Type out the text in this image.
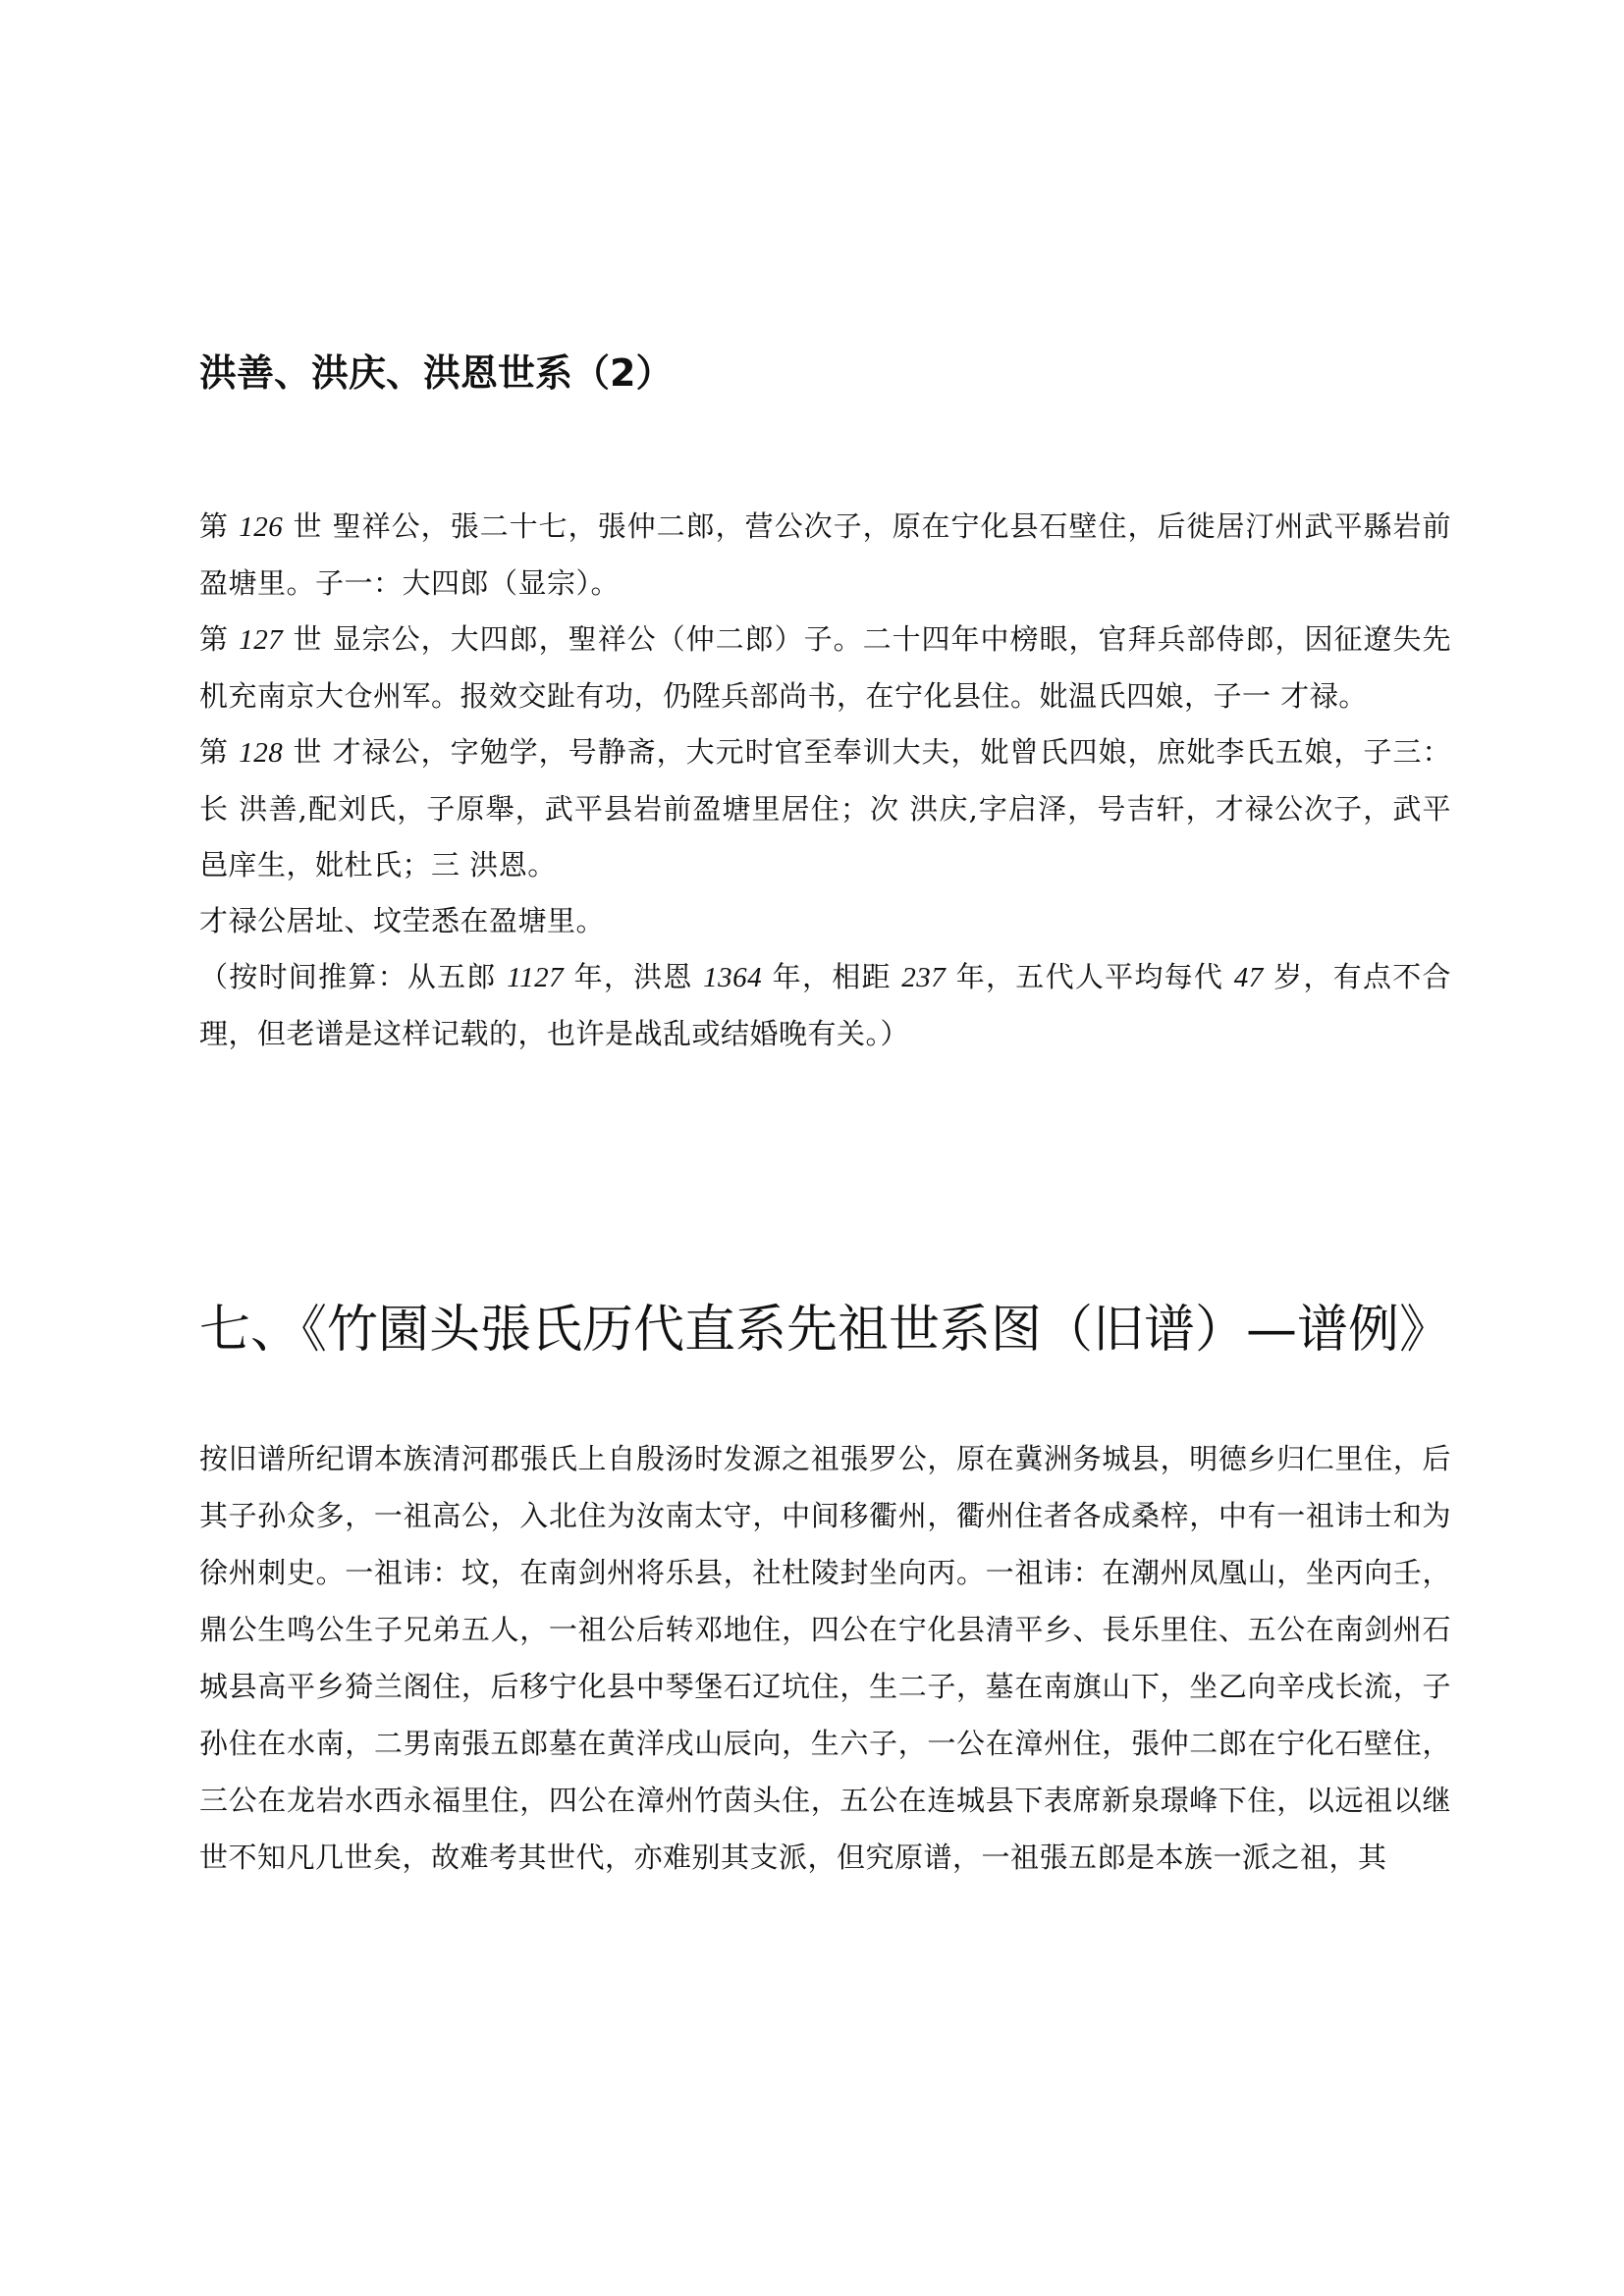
洪善、洪庆、洪恩世系（2）

第 126 世 聖祥公，張二十七，張仲二郎，营公次子，原在宁化县石壁住，后徙居汀州武平縣岩前盈塘里。子一：大四郎（显宗）。

第 127 世 显宗公，大四郎，聖祥公（仲二郎）子。二十四年中榜眼，官拜兵部侍郎，因征遼失先机充南京大仓州军。报效交趾有功，仍陞兵部尚书，在宁化县住。妣温氏四娘，子一 才禄。

第 128 世 才禄公，字勉学，号静斋，大元时官至奉训大夫，妣曾氏四娘，庶妣李氏五娘，子三：长 洪善,配刘氏，子原舉，武平县岩前盈塘里居住；次 洪庆,字启泽，号吉轩，才禄公次子，武平邑庠生，妣杜氏；三 洪恩。

才禄公居址、坟茔悉在盈塘里。

（按时间推算：从五郎 1127 年，洪恩 1364 年，相距 237 年，五代人平均每代 47 岁，有点不合理，但老谱是这样记载的，也许是战乱或结婚晚有关。）

七、《竹園头張氏历代直系先祖世系图（旧谱）—谱例》

按旧谱所纪谓本族清河郡張氏上自殷汤时发源之祖張罗公，原在冀洲务城县，明德乡归仁里住，后其子孙众多，一祖高公，入北住为汝南太守，中间移衢州，衢州住者各成桑梓，中有一祖讳士和为徐州刺史。一祖讳：坟，在南剑州将乐县，社杜陵封坐向丙。一祖讳：在潮州凤凰山，坐丙向壬，鼎公生鸣公生子兄弟五人，一祖公后转邓地住，四公在宁化县清平乡、長乐里住、五公在南剑州石城县高平乡猗兰阁住，后移宁化县中琴堡石辽坑住，生二子，墓在南旗山下，坐乙向辛戌长流，子孙住在水南，二男南張五郎墓在黄洋戌山辰向，生六子，一公在漳州住，張仲二郎在宁化石壁住，三公在龙岩水西永福里住，四公在漳州竹茵头住，五公在连城县下表席新泉璟峰下住，以远祖以继世不知凡几世矣，故难考其世代，亦难别其支派，但究原谱，一祖張五郎是本族一派之祖，其
